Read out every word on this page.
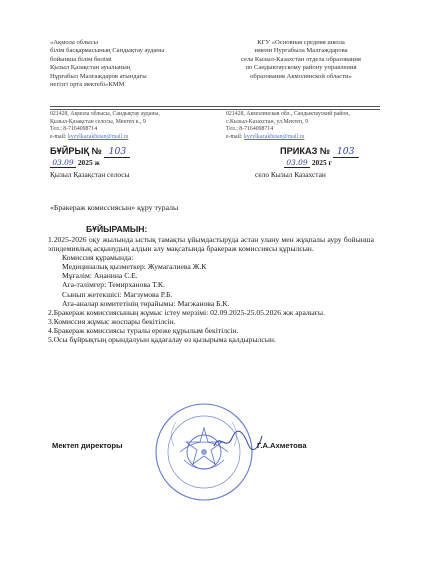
«Ақмола облысы
білім басқармасының Сандықтау ауданы
бойынша білім бөлімі
Қызыл Қазақстан ауылының
Нұрғабыл Малғаждаров атындағы
негізгі орта мектебі»КММ
КГУ «Основная средняя школа
имени Нургабыла Малгаждарова
села Кызыл-Казахстан отдела образования
по Сандыктаускому району управления
образования Акмолинской области»
021428, Ақмола облысы, Сандықтау ауданы,
Қызыл-Қазақстан селосы, Мектеп к., 9
Тел.: 8-7164098714
e-mail: kyzylkazakhstan@mail.ru
021428, Акмолинская обл., Сандыктауский район,
с.Кызыл-Казахстан, ул.Мектеп, 9
Тел.: 8-7164098714
e-mail: kyzylkazakhstan@mail.ru
БҰЙРЫҚ № 103
03.09 2025 ж
Қызыл Қазақстан селосы
ПРИКАЗ № 103
03.09 2025 г
село Кызыл Казахстан
«Бракераж комиссиясын» құру туралы
БҰЙЫРАМЫН:

1.2025-2026 оқу жылында ыстық тамақты ұйымдастыруда астан улану мен жұқпалы ауру бойынша эпидемиялық асқынудың алдын алу мақсатында бракераж комиссиясы құрылсын.

Комиссия құрамында:

Медициналық қызметкер: Жумагалиева Ж.К

Мұғалім: Ананина С.Е.

Аға-тәлімгер: Темирханова Т.К.

Сынып жетекшісі: Магзумова Р.Б.

Ата-аналар комитетінің төрайымы: Магжанова Б.К.

2.Бракераж комиссиясының жұмыс істеу мерзімі: 02.09.2025-25.05.2026 жж аралығы.

3.Комиссия жұмыс жоспары бекітілсін.

4.Бракераж комиссиясы туралы ереже құрылым бекітілсін.

5.Осы бұйрықтың орындалуын қадағалау өз қызырыма қалдырылсын.

Мектеп директоры	Г.А.Ахметова
